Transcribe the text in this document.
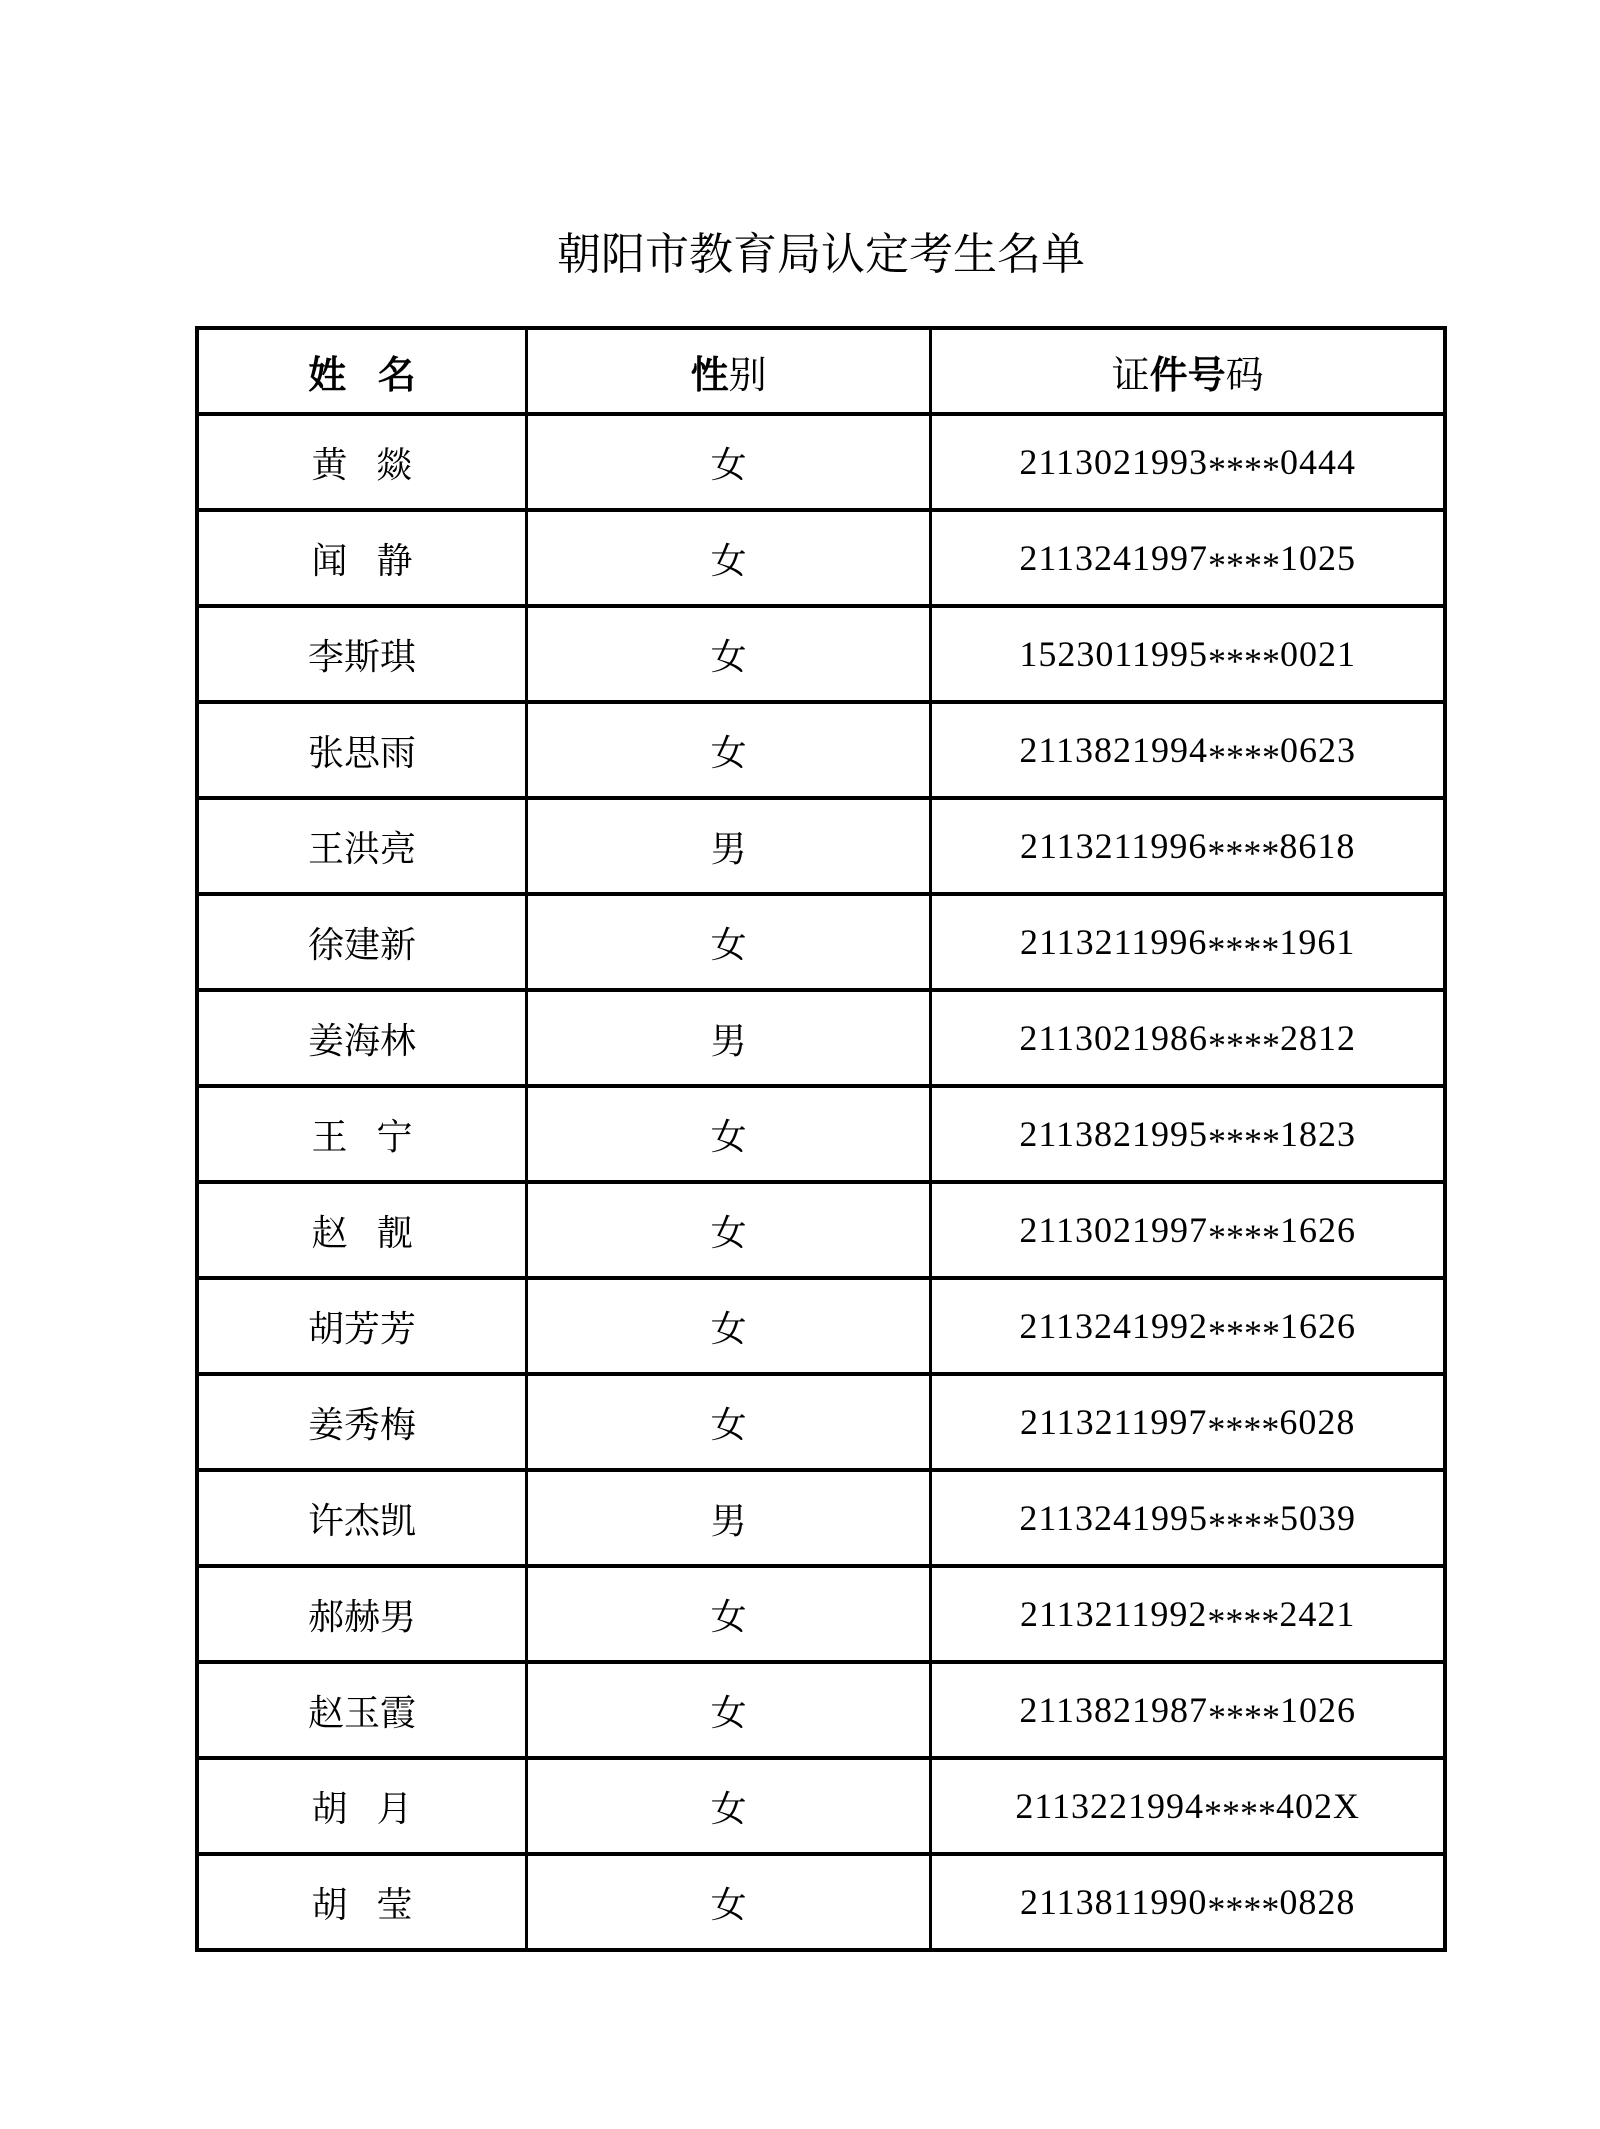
朝阳市教育局认定考生名单
姓 名	性别	证件号码
黄 燚	女	2113021993****0444
闻 静	女	2113241997****1025
李斯琪	女	1523011995****0021
张思雨	女	2113821994****0623
王洪亮	男	2113211996****8618
徐建新	女	2113211996****1961
姜海林	男	2113021986****2812
王 宁	女	2113821995****1823
赵 靓	女	2113021997****1626
胡芳芳	女	2113241992****1626
姜秀梅	女	2113211997****6028
许杰凯	男	2113241995****5039
郝赫男	女	2113211992****2421
赵玉霞	女	2113821987****1026
胡 月	女	2113221994****402X
胡 莹	女	2113811990****0828
